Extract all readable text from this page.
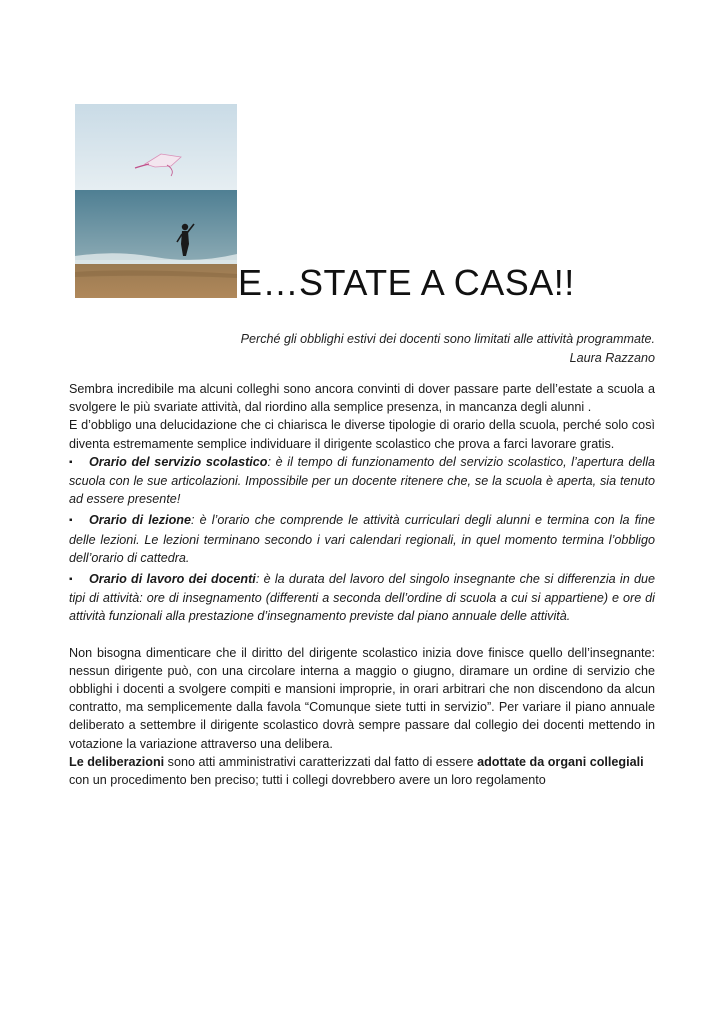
E…STATE A CASA!!
Perché gli obblighi estivi dei docenti sono limitati alle attività programmate.
Laura Razzano

Sembra incredibile ma alcuni colleghi sono ancora convinti di dover passare parte dell’estate a scuola a svolgere le più svariate attività, dal riordino alla semplice presenza, in mancanza degli alunni .

E d’obbligo una delucidazione che ci chiarisca le diverse tipologie di orario della scuola, perché solo così diventa estremamente semplice individuare il dirigente scolastico che prova a farci lavorare gratis.

▪ Orario del servizio scolastico: è il tempo di funzionamento del servizio scolastico, l’apertura della scuola con le sue articolazioni. Impossibile per un docente ritenere che, se la scuola è aperta, sia tenuto ad essere presente!

▪ Orario di lezione: è l’orario che comprende le attività curriculari degli alunni e termina con la fine delle lezioni. Le lezioni terminano secondo i vari calendari regionali, in quel momento termina l’obbligo dell’orario di cattedra.

▪ Orario di lavoro dei docenti: è la durata del lavoro del singolo insegnante che si differenzia in due tipi di attività: ore di insegnamento (differenti a seconda dell’ordine di scuola a cui si appartiene) e ore di attività funzionali alla prestazione d’insegnamento previste dal piano annuale delle attività.

Non bisogna dimenticare che il diritto del dirigente scolastico inizia dove finisce quello dell’insegnante: nessun dirigente può, con una circolare interna a maggio o giugno, diramare un ordine di servizio che obblighi i docenti a svolgere compiti e mansioni improprie, in orari arbitrari che non discendono da alcun contratto, ma semplicemente dalla favola “Comunque siete tutti in servizio”. Per variare il piano annuale deliberato a settembre il dirigente scolastico dovrà sempre passare dal collegio dei docenti mettendo in votazione la variazione attraverso una delibera.

Le deliberazioni sono atti amministrativi caratterizzati dal fatto di essere adottate da organi collegiali con un procedimento ben preciso; tutti i collegi dovrebbero avere un loro regolamento
